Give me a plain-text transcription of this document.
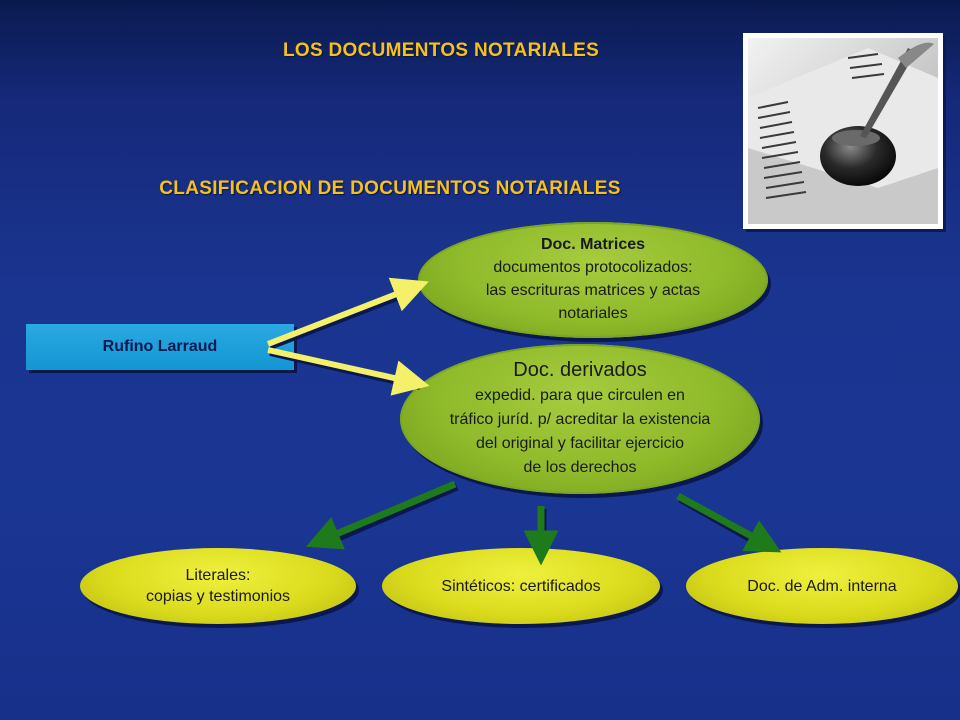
LOS DOCUMENTOS NOTARIALES
CLASIFICACION DE DOCUMENTOS NOTARIALES
Rufino Larraud
Doc. Matrices
documentos protocolizados:
las escrituras matrices y actas
notariales
Doc. derivados
expedid. para que circulen en
tráfico juríd. p/ acreditar la existencia
del original y facilitar ejercicio
de los derechos
Literales:
copias y testimonios
Sintéticos: certificados	Doc. de Adm. interna
